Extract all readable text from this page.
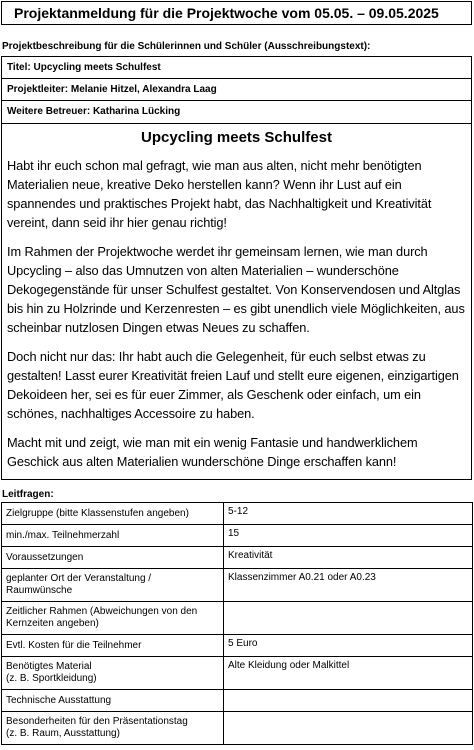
Projektanmeldung für die Projektwoche vom 05.05. – 09.05.2025
Projektbeschreibung für die Schülerinnen und Schüler (Ausschreibungstext):
Titel: Upcycling meets Schulfest
Projektleiter: Melanie Hitzel, Alexandra Laag
Weitere Betreuer: Katharina Lücking
Upcycling meets Schulfest

Habt ihr euch schon mal gefragt, wie man aus alten, nicht mehr benötigten Materialien neue, kreative Deko herstellen kann? Wenn ihr Lust auf ein spannendes und praktisches Projekt habt, das Nachhaltigkeit und Kreativität vereint, dann seid ihr hier genau richtig!

Im Rahmen der Projektwoche werdet ihr gemeinsam lernen, wie man durch Upcycling – also das Umnutzen von alten Materialien – wunderschöne Dekogegenstände für unser Schulfest gestaltet. Von Konservendosen und Altglas bis hin zu Holzrinde und Kerzenresten – es gibt unendlich viele Möglichkeiten, aus scheinbar nutzlosen Dingen etwas Neues zu schaffen.

Doch nicht nur das: Ihr habt auch die Gelegenheit, für euch selbst etwas zu gestalten! Lasst eurer Kreativität freien Lauf und stellt eure eigenen, einzigartigen Dekoideen her, sei es für euer Zimmer, als Geschenk oder einfach, um ein schönes, nachhaltiges Accessoire zu haben.

Macht mit und zeigt, wie man mit ein wenig Fantasie und handwerklichem Geschick aus alten Materialien wunderschöne Dinge erschaffen kann!

Leitfragen:
Zielgruppe (bitte Klassenstufen angeben)	5-12
min./max. Teilnehmerzahl	15
Voraussetzungen	Kreativität
geplanter Ort der Veranstaltung / Raumwünsche	Klassenzimmer A0.21 oder A0.23
Zeitlicher Rahmen (Abweichungen von den Kernzeiten angeben)	
Evtl. Kosten für die Teilnehmer	5 Euro
Benötigtes Material
(z. B. Sportkleidung)	Alte Kleidung oder Malkittel
Technische Ausstattung	
Besonderheiten für den Präsentationstag
(z. B. Raum, Ausstattung)	
